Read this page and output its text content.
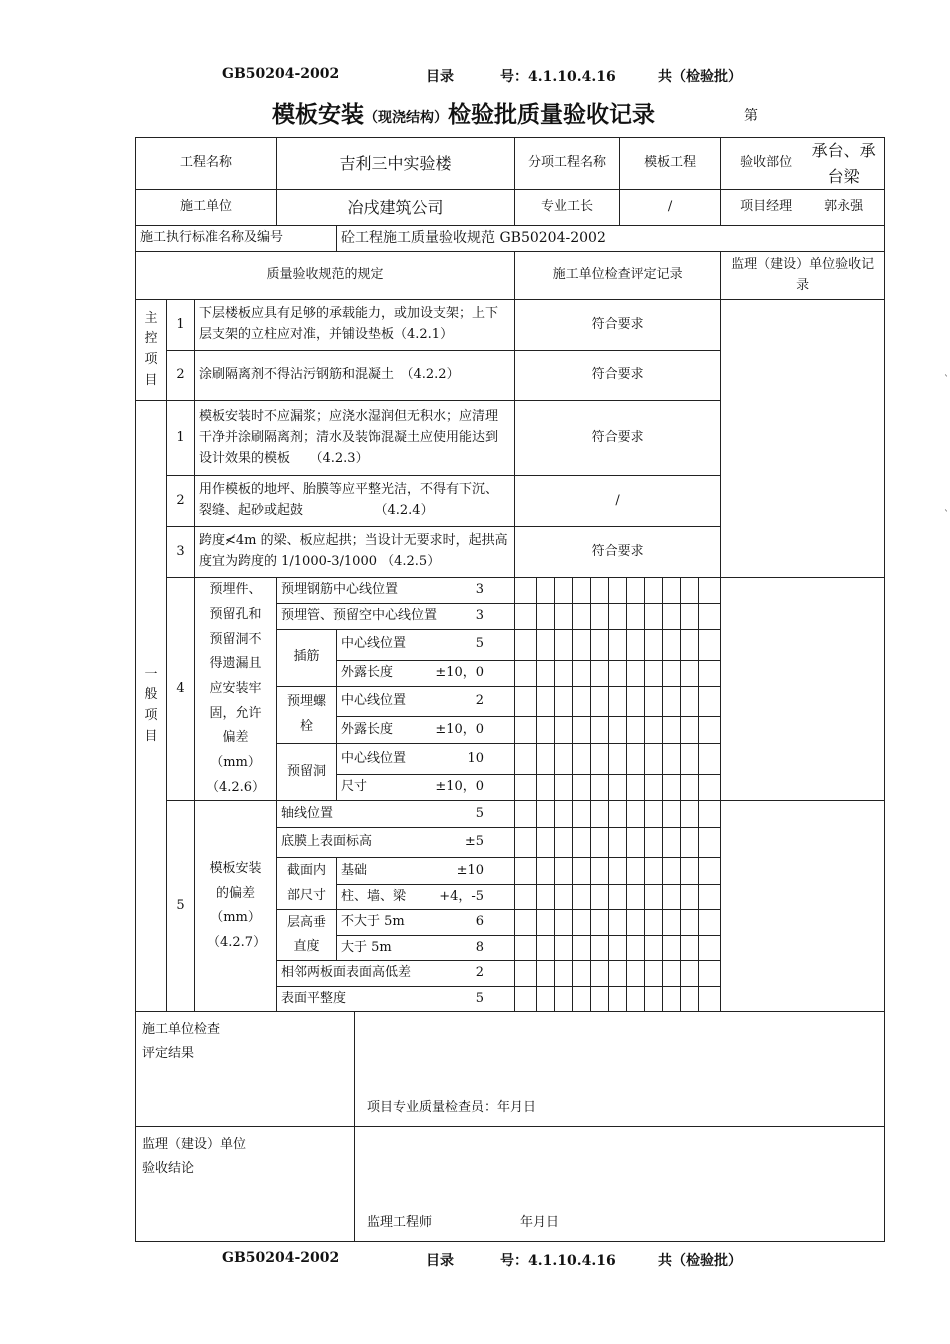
GB50204-2002	目录	号：4.1.10.4.16	共（检验批）
模板安装（现浇结构）检验批质量验收记录	第
工程名称			吉利三中实验楼			分项工程名称	模板工程	验收部位
承台、承台梁

施工单位			冶戌建筑公司			专业工长	/	项目经理 郭永强

施工执行标准名称及编号				砼工程施工质量验收规范 GB50204-2002				
质量验收规范的规定						施工单位检查评定记录		监理（建设）单位验收记录
主
控
项
目	1	下层楼板应具有足够的承载能力，或加设支架；上下层支架的立柱应对准，并铺设垫板（4.2.1）				符合要求		
	2	涂刷隔离剂不得沾污钢筋和混凝土　（4.2.2）				符合要求		
一
般
项
目	1	模板安装时不应漏浆；应浇水湿润但无积水；应清理干净并涂刷隔离剂；清水及装饰混凝土应使用能达到设计效果的模板　　（4.2.3）				符合要求		
	2	用作模板的地坪、胎膜等应平整光洁，不得有下沉、裂缝、起砂或起鼓　　　　　　（4.2.4）				/		
	3	跨度≮4m 的梁、板应起拱；当设计无要求时，起拱高度宜为跨度的 1/1000-3/1000 （4.2.5）				符合要求		
	4	预埋件、预留孔和预留洞不得遗漏且应安装牢固，允许偏差（mm）（4.2.6）	预埋钢筋中心线位置 3					

			预埋管、预留空中心线位置 3					

			插筋	中心线位置 5				

				外露长度 ±10，0				

			预埋螺栓	中心线位置 2				

				外露长度 ±10，0				

			预留洞	中心线位置 10				

				尺寸 ±10，0				

	5	模板安装的偏差（mm）（4.2.7）	轴线位置 5					

			底膜上表面标高 ±5					

			截面内部尺寸	基础 ±10				

				柱、墙、梁 +4，-5				

			层高垂直度	不大于 5m 6				

				大于 5m 8				

			相邻两板面表面高低差 2					

			表面平整度 5					

施工单位检查
评定结果					项目专业质量检查员：年月日			

监理（建设）单位
验收结论					监理工程师 年月日			
GB50204-2002	目录	号：4.1.10.4.16	共（检验批）
ˋ
ˋ
